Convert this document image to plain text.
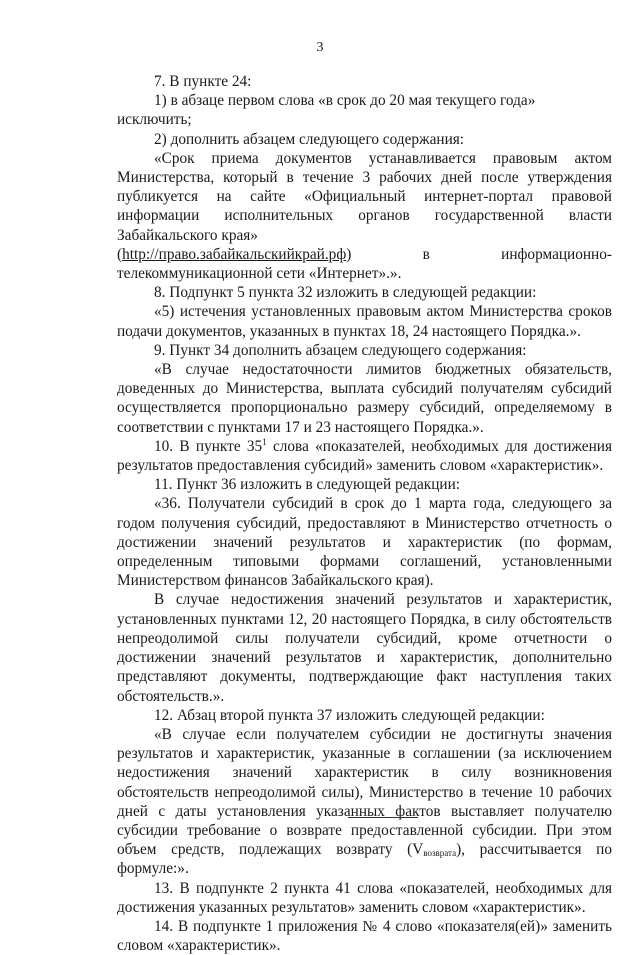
3

7. В пункте 24:

1) в абзаце первом слова «в срок до 20 мая текущего года» исключить;

2) дополнить абзацем следующего содержания:

«Срок приема документов устанавливается правовым актом Министерства, который в течение 3 рабочих дней после утверждения публикуется на сайте «Официальный интернет-портал правовой информации исполнительных органов государственной власти Забайкальского края»

(http://право.забайкальскийкрай.рф)	в	информационно-

телекоммуникационной сети «Интернет».».

8. Подпункт 5 пункта 32 изложить в следующей редакции:

«5) истечения установленных правовым актом Министерства сроков подачи документов, указанных в пунктах 18, 24 настоящего Порядка.».

9. Пункт 34 дополнить абзацем следующего содержания:

«В случае недостаточности лимитов бюджетных обязательств, доведенных до Министерства, выплата субсидий получателям субсидий осуществляется пропорционально размеру субсидий, определяемому в соответствии с пунктами 17 и 23 настоящего Порядка.».

10. В пункте $35^1$ слова «показателей, необходимых для достижения результатов предоставления субсидий» заменить словом «характеристик».

11. Пункт 36 изложить в следующей редакции:

«36. Получатели субсидий в срок до 1 марта года, следующего за годом получения субсидий, предоставляют в Министерство отчетность о достижении значений результатов и характеристик (по формам, определенным типовыми формами соглашений, установленными Министерством финансов Забайкальского края).

В случае недостижения значений результатов и характеристик, установленных пунктами 12, 20 настоящего Порядка, в силу обстоятельств непреодолимой силы получатели субсидий, кроме отчетности о достижении значений результатов и характеристик, дополнительно представляют документы, подтверждающие факт наступления таких обстоятельств.».

12. Абзац второй пункта 37 изложить следующей редакции:

«В случае если получателем субсидии не достигнуты значения результатов и характеристик, указанные в соглашении (за исключением недостижения значений характеристик в силу возникновения обстоятельств непреодолимой силы), Министерство в течение 10 рабочих дней с даты установления указанных фактов выставляет получателю субсидии требование о возврате предоставленной субсидии. При этом объем средств, подлежащих возврату $(V_{возврата})$, рассчитывается по формуле:».

13. В подпункте 2 пункта 41 слова «показателей, необходимых для достижения указанных результатов» заменить словом «характеристик».

14. В подпункте 1 приложения № 4 слово «показателя(ей)» заменить словом «характеристик».
